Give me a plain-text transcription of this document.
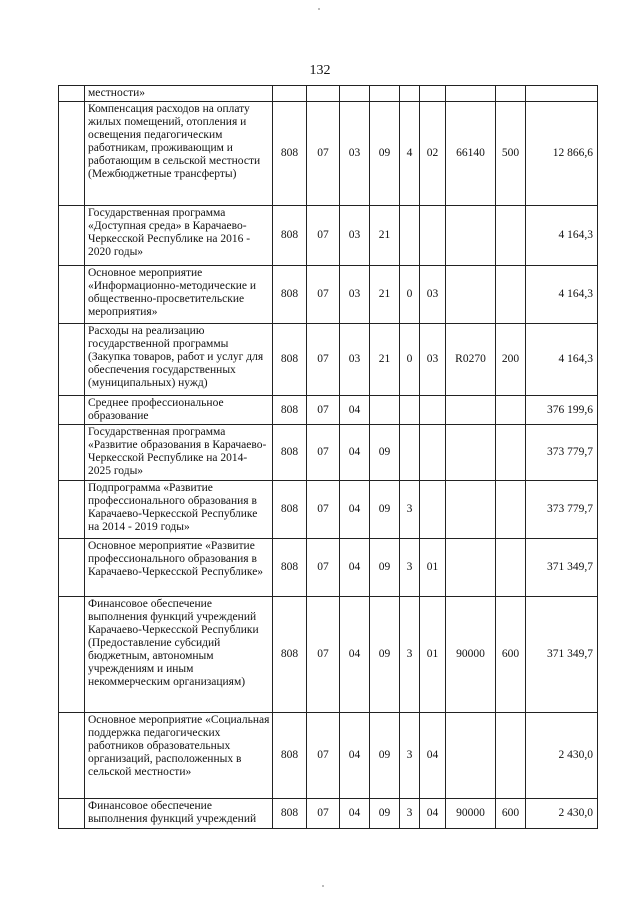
132
	местности»									
	Компенсация расходов на оплату жилых помещений, отопления и освещения педагогическим работникам, проживающим и работающим в сельской местности (Межбюджетные трансферты)	808	07	03	09	4	02	66140	500	12 866,6
	Государственная программа «Доступная среда» в Карачаево-Черкесской Республике на 2016 - 2020 годы»	808	07	03	21					4 164,3
	Основное мероприятие «Информационно-методические и общественно-просветительские мероприятия»	808	07	03	21	0	03			4 164,3
	Расходы на реализацию государственной программы (Закупка товаров, работ и услуг для обеспечения государственных (муниципальных) нужд)	808	07	03	21	0	03	R0270	200	4 164,3
	Среднее профессиональное образование	808	07	04						376 199,6
	Государственная программа «Развитие образования в Карачаево-Черкесской Республике на 2014-2025 годы»	808	07	04	09					373 779,7
	Подпрограмма «Развитие профессионального образования в Карачаево-Черкесской Республике на 2014 - 2019 годы»	808	07	04	09	3				373 779,7
	Основное мероприятие «Развитие профессионального образования в Карачаево-Черкесской Республике»	808	07	04	09	3	01			371 349,7
	Финансовое обеспечение выполнения функций учреждений Карачаево-Черкесской Республики (Предоставление субсидий бюджетным, автономным учреждениям и иным некоммерческим организациям)	808	07	04	09	3	01	90000	600	371 349,7
	Основное мероприятие «Социальная поддержка педагогических работников образовательных организаций, расположенных в сельской местности»	808	07	04	09	3	04			2 430,0
	Финансовое обеспечение выполнения функций учреждений	808	07	04	09	3	04	90000	600	2 430,0
